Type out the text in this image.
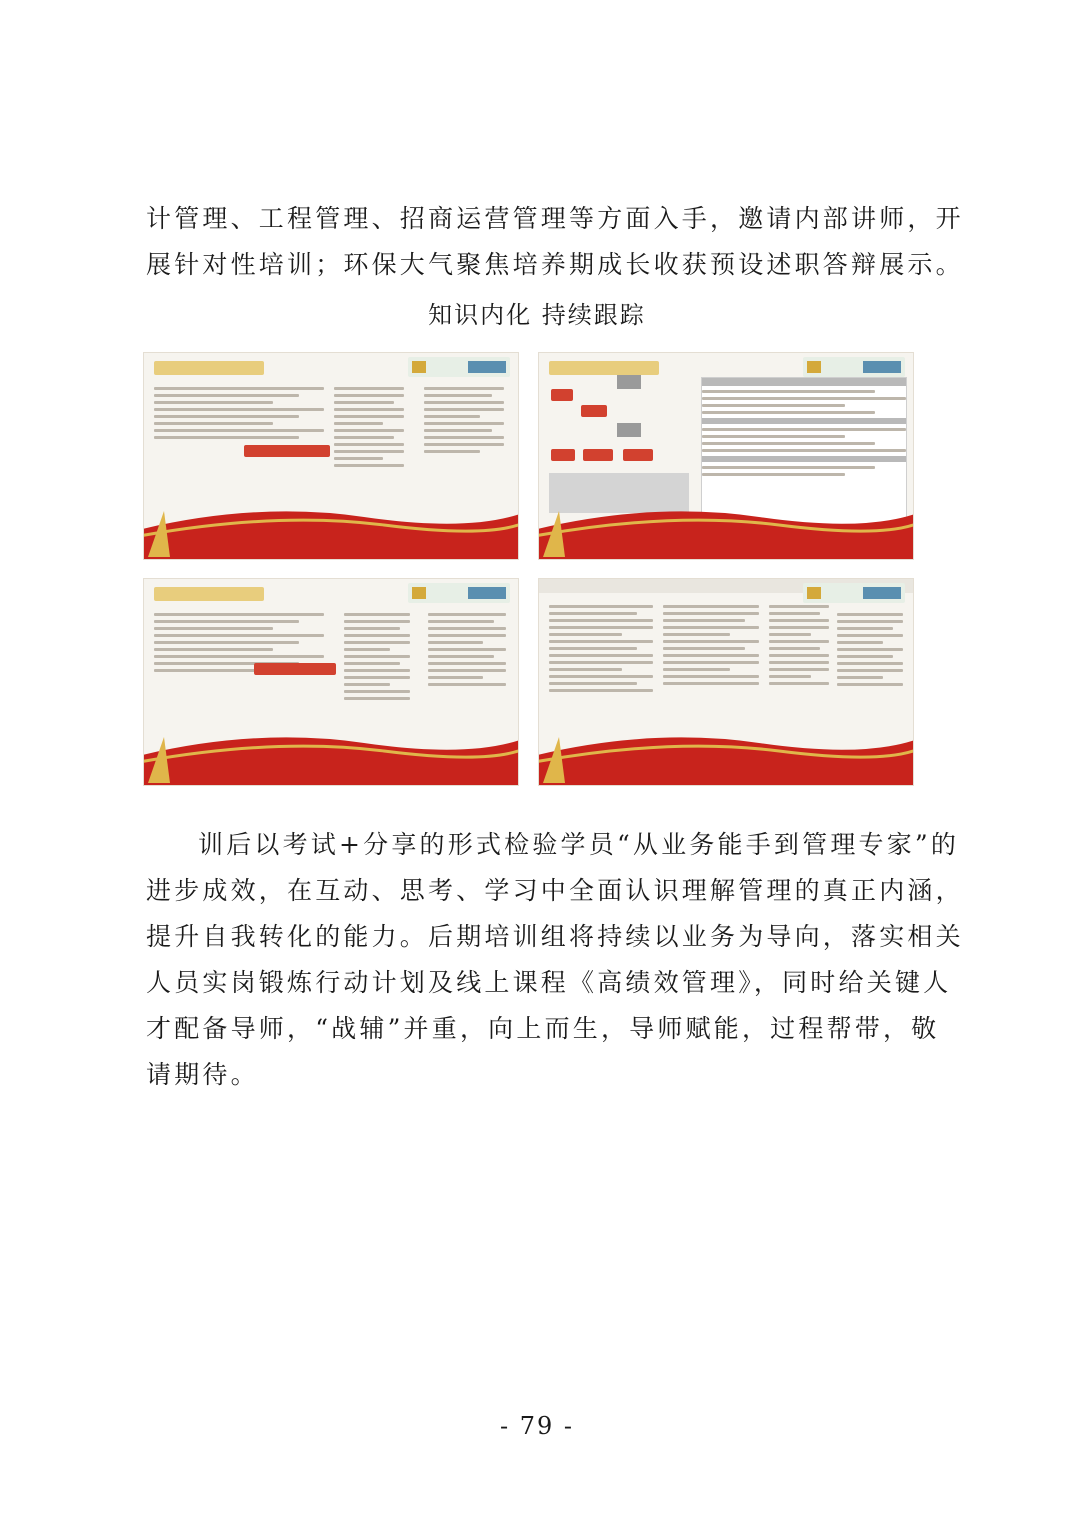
计管理、工程管理、招商运营管理等方面入手，邀请内部讲师，开
展针对性培训；环保大气聚焦培养期成长收获预设述职答辩展示。
知识内化 持续跟踪
训后以考试+分享的形式检验学员“从业务能手到管理专家”的
进步成效，在互动、思考、学习中全面认识理解管理的真正内涵，
提升自我转化的能力。后期培训组将持续以业务为导向，落实相关
人员实岗锻炼行动计划及线上课程《高绩效管理》，同时给关键人
才配备导师，“战辅”并重，向上而生，导师赋能，过程帮带，敬
请期待。
- 79 -
